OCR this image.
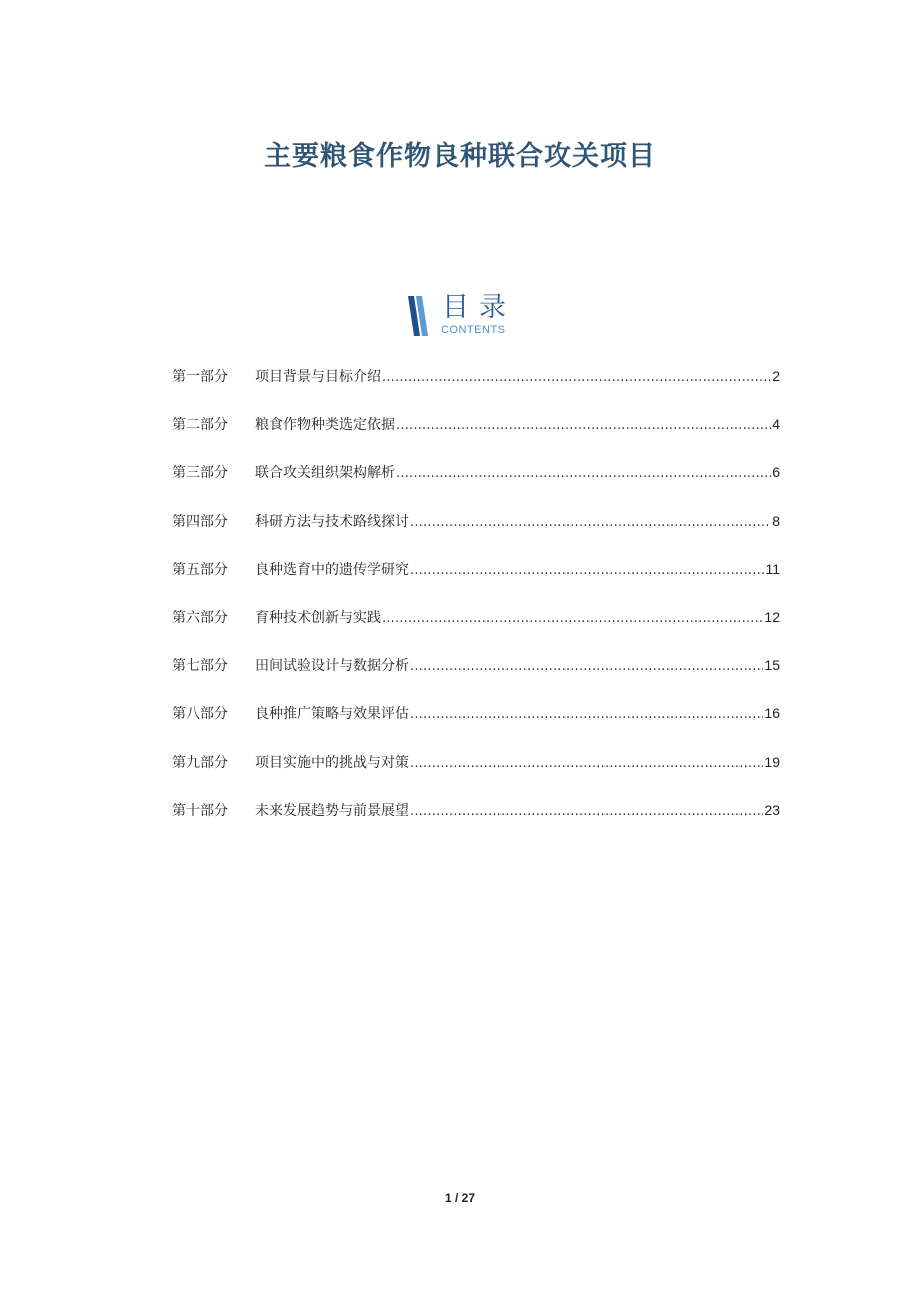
主要粮食作物良种联合攻关项目
目录
CONTENTS
第一部分	项目背景与目标介绍 .....	2
第二部分	粮食作物种类选定依据 .....	4
第三部分	联合攻关组织架构解析 .....	6
第四部分	科研方法与技术路线探讨 .....	8
第五部分	良种选育中的遗传学研究 .....	11
第六部分	育种技术创新与实践 .....	12
第七部分	田间试验设计与数据分析 .....	15
第八部分	良种推广策略与效果评估 .....	16
第九部分	项目实施中的挑战与对策 .....	19
第十部分	未来发展趋势与前景展望 .....	23
1 / 27
